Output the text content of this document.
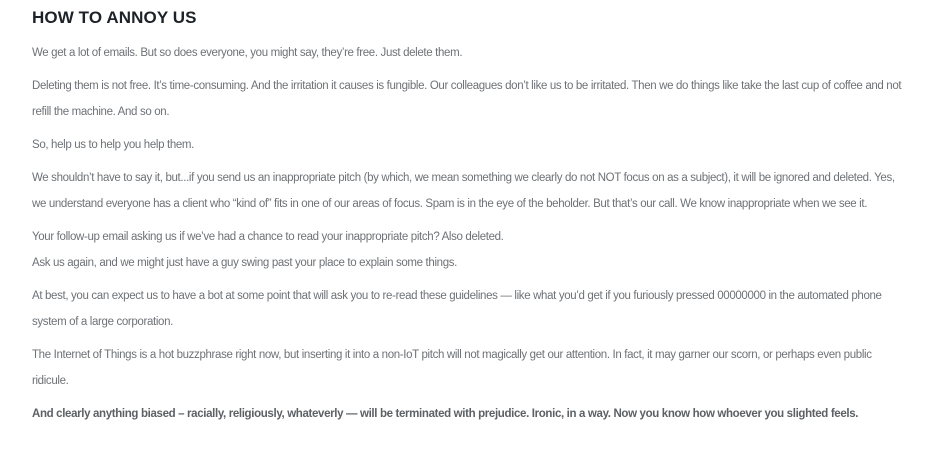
HOW TO ANNOY US

We get a lot of emails. But so does everyone, you might say, they’re free. Just delete them.

Deleting them is not free. It’s time-consuming. And the irritation it causes is fungible. Our colleagues don’t like us to be irritated. Then we do things like take the last cup of coffee and not refill the machine. And so on.

So, help us to help you help them.

We shouldn’t have to say it, but...if you send us an inappropriate pitch (by which, we mean something we clearly do not NOT focus on as a subject), it will be ignored and deleted. Yes, we understand everyone has a client who “kind of” fits in one of our areas of focus. Spam is in the eye of the beholder. But that’s our call. We know inappropriate when we see it.

Your follow-up email asking us if we’ve had a chance to read your inappropriate pitch? Also deleted.
Ask us again, and we might just have a guy swing past your place to explain some things.

At best, you can expect us to have a bot at some point that will ask you to re-read these guidelines — like what you’d get if you furiously pressed 00000000 in the automated phone system of a large corporation.

The Internet of Things is a hot buzzphrase right now, but inserting it into a non-IoT pitch will not magically get our attention. In fact, it may garner our scorn, or perhaps even public ridicule.

And clearly anything biased – racially, religiously, whateverly — will be terminated with prejudice. Ironic, in a way. Now you know how whoever you slighted feels.
